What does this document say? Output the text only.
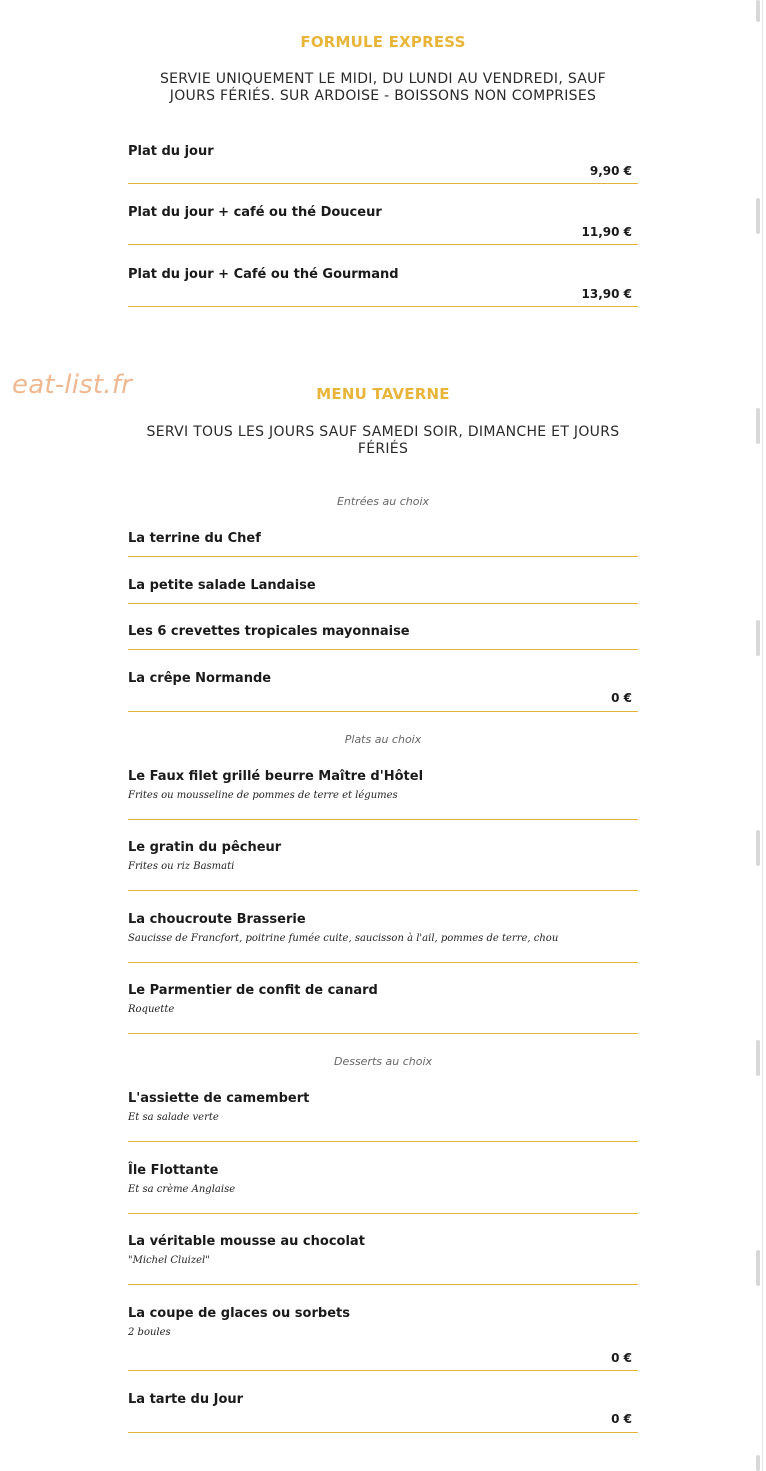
eat-list.fr
FORMULE EXPRESS
SERVIE UNIQUEMENT LE MIDI, DU LUNDI AU VENDREDI, SAUF JOURS FÉRIÉS. SUR ARDOISE - BOISSONS NON COMPRISES
Plat du jour
9,90 €
Plat du jour + café ou thé Douceur
11,90 €
Plat du jour + Café ou thé Gourmand
13,90 €
MENU TAVERNE
SERVI TOUS LES JOURS SAUF SAMEDI SOIR, DIMANCHE ET JOURS FÉRIÉS
Entrées au choix
La terrine du Chef
La petite salade Landaise
Les 6 crevettes tropicales mayonnaise
La crêpe Normande
0 €
Plats au choix
Le Faux filet grillé beurre Maître d'Hôtel
Frites ou mousseline de pommes de terre et légumes
Le gratin du pêcheur
Frites ou riz Basmati
La choucroute Brasserie
Saucisse de Francfort, poitrine fumée cuite, saucisson à l'ail, pommes de terre, chou
Le Parmentier de confit de canard
Roquette
Desserts au choix
L'assiette de camembert
Et sa salade verte
Île Flottante
Et sa crème Anglaise
La véritable mousse au chocolat
"Michel Cluizel"
La coupe de glaces ou sorbets
2 boules
0 €
La tarte du Jour
0 €
